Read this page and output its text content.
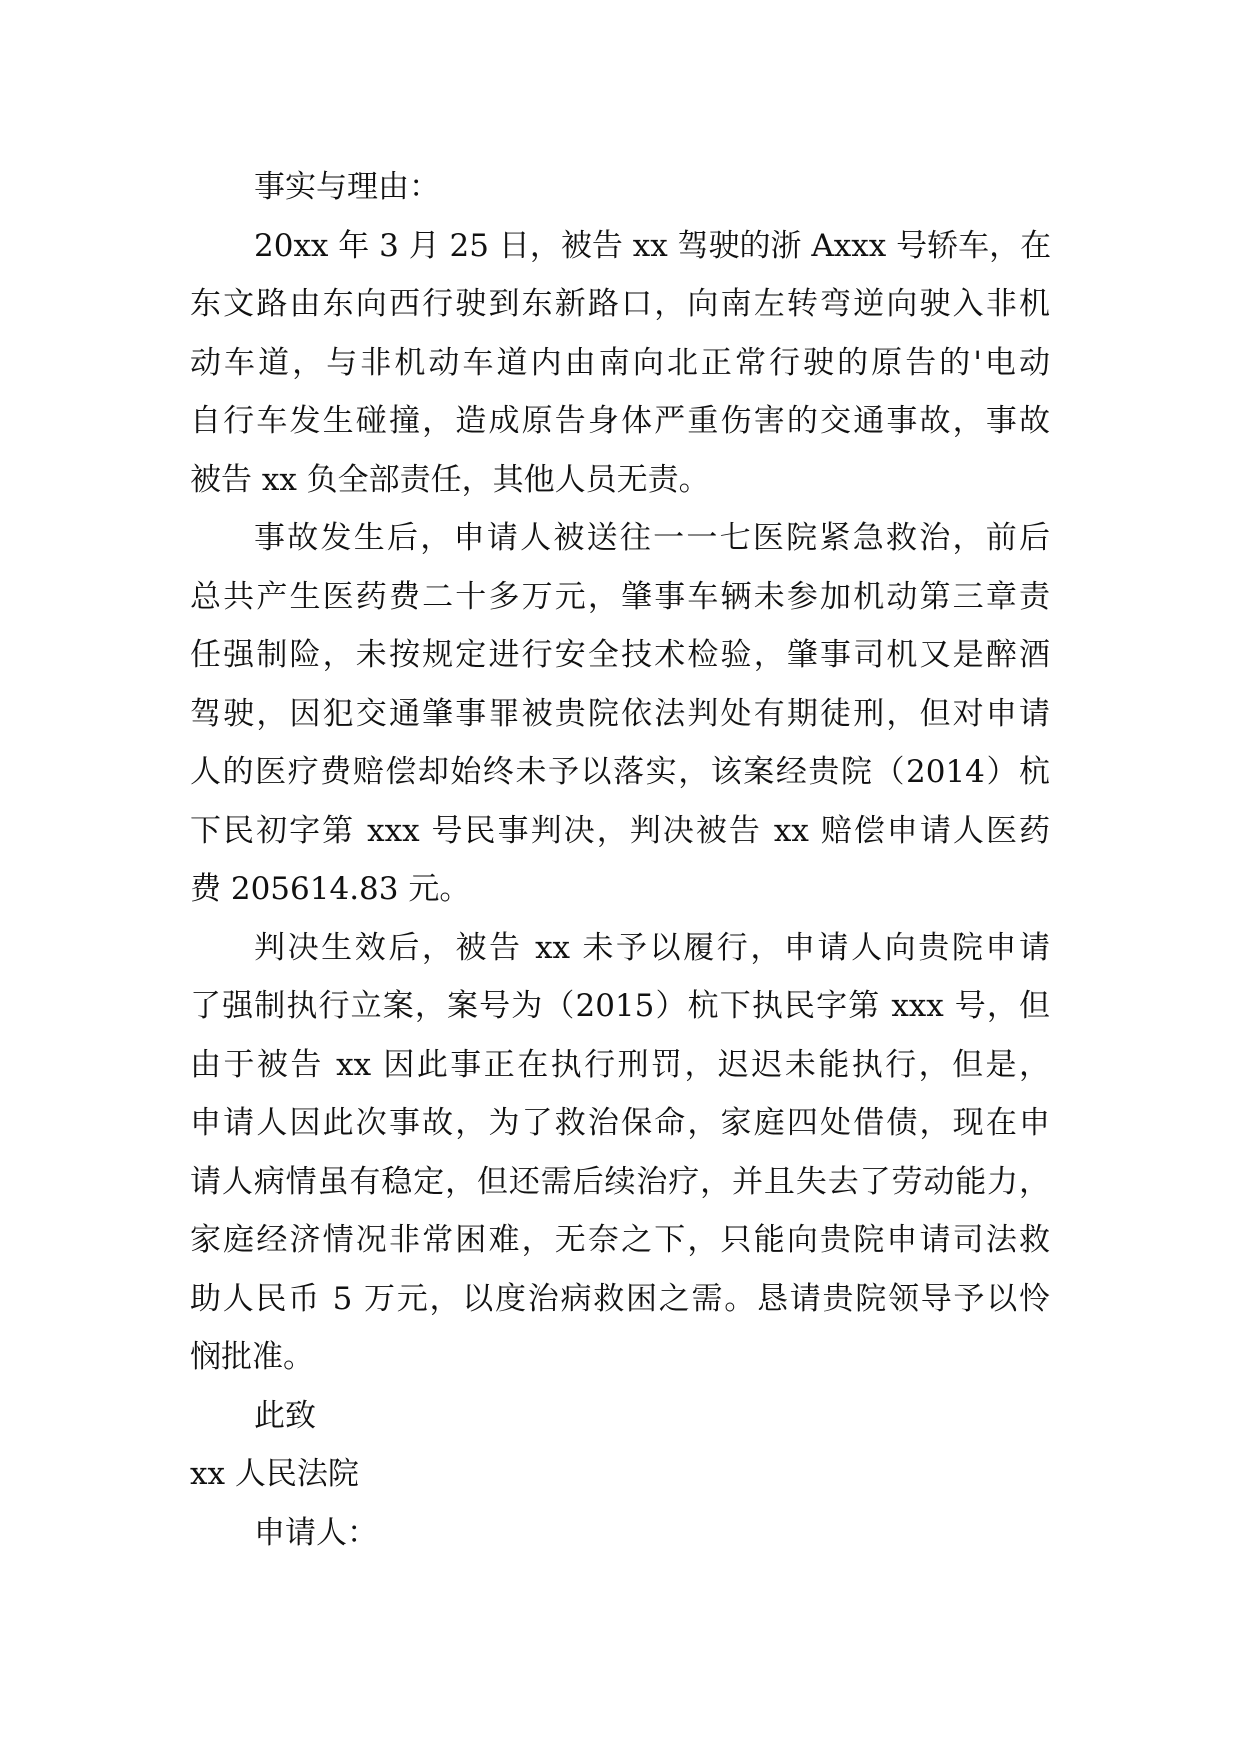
事实与理由：
20xx 年 3 月 25 日，被告 xx 驾驶的浙 Axxx 号轿车，在
东文路由东向西行驶到东新路口，向南左转弯逆向驶入非机
动车道，与非机动车道内由南向北正常行驶的原告的'电动
自行车发生碰撞，造成原告身体严重伤害的交通事故，事故
被告 xx 负全部责任，其他人员无责。
事故发生后，申请人被送往一一七医院紧急救治，前后
总共产生医药费二十多万元，肇事车辆未参加机动第三章责
任强制险，未按规定进行安全技术检验，肇事司机又是醉酒
驾驶，因犯交通肇事罪被贵院依法判处有期徒刑，但对申请
人的医疗费赔偿却始终未予以落实，该案经贵院（2014）杭
下民初字第 xxx 号民事判决，判决被告 xx 赔偿申请人医药
费 205614.83 元。
判决生效后，被告 xx 未予以履行，申请人向贵院申请
了强制执行立案，案号为（2015）杭下执民字第 xxx 号，但
由于被告 xx 因此事正在执行刑罚，迟迟未能执行，但是，
申请人因此次事故，为了救治保命，家庭四处借债，现在申
请人病情虽有稳定，但还需后续治疗，并且失去了劳动能力，
家庭经济情况非常困难，无奈之下，只能向贵院申请司法救
助人民币 5 万元，以度治病救困之需。恳请贵院领导予以怜
悯批准。
此致
xx 人民法院
申请人：
